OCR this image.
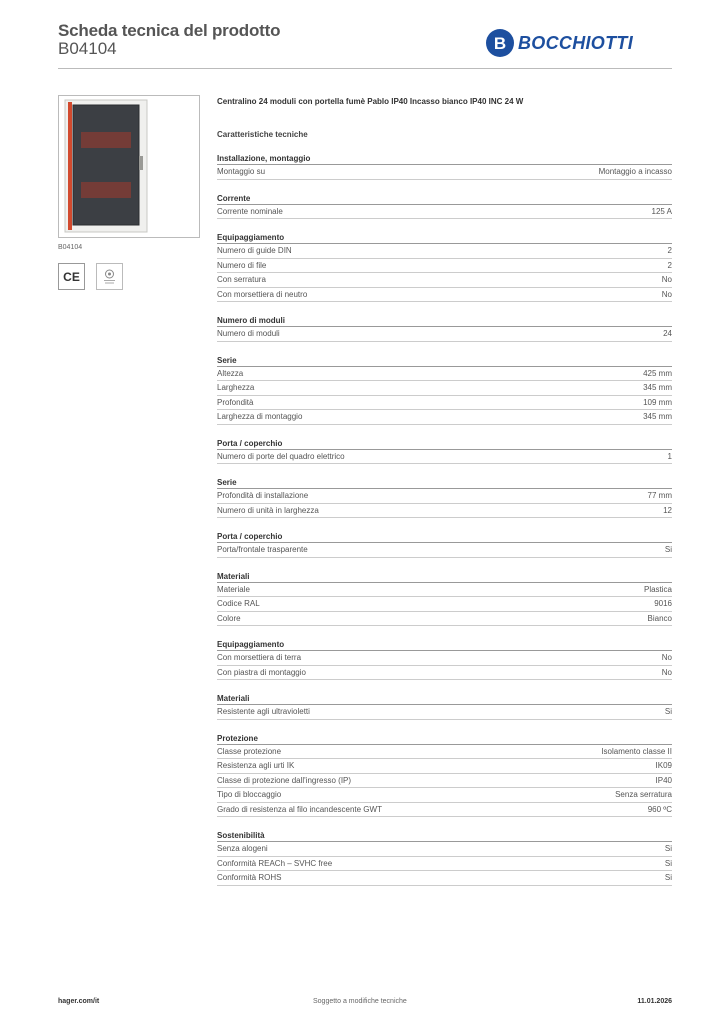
Scheda tecnica del prodotto
B04104	B BOCCHIOTTI
B04104
CE
Centralino 24 moduli con portella fumè Pablo IP40 Incasso bianco IP40 INC 24 W
Caratteristiche tecniche
Installazione, montaggio
Montaggio su	Montaggio a incasso
Corrente
Corrente nominale	125 A
Equipaggiamento
Numero di guide DIN	2
Numero di file	2
Con serratura	No
Con morsettiera di neutro	No
Numero di moduli
Numero di moduli	24
Serie
Altezza	425 mm
Larghezza	345 mm
Profondità	109 mm
Larghezza di montaggio	345 mm
Porta / coperchio
Numero di porte del quadro elettrico	1
Serie
Profondità di installazione	77 mm
Numero di unità in larghezza	12
Porta / coperchio
Porta/frontale trasparente	Si
Materiali
Materiale	Plastica
Codice RAL	9016
Colore	Bianco
Equipaggiamento
Con morsettiera di terra	No
Con piastra di montaggio	No
Materiali
Resistente agli ultravioletti	Si
Protezione
Classe protezione	Isolamento classe II
Resistenza agli urti IK	IK09
Classe di protezione dall'ingresso (IP)	IP40
Tipo di bloccaggio	Senza serratura
Grado di resistenza al filo incandescente GWT	960 ºC
Sostenibilità
Senza alogeni	Si
Conformità REACh – SVHC free	Si
Conformità ROHS	Si
hager.com/it	Soggetto a modifiche tecniche	11.01.2026
